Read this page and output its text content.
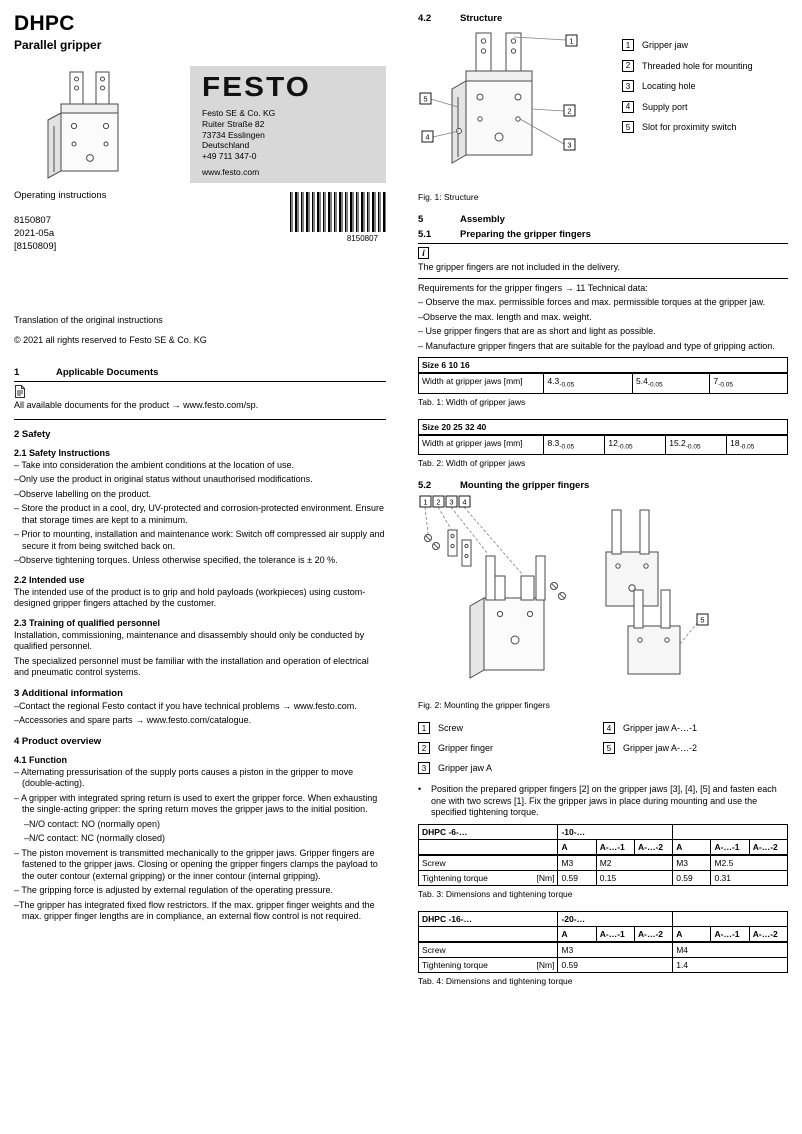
DHPC
Parallel gripper
FESTO
Festo SE & Co. KG
Ruiter Straße 82
73734 Esslingen
Deutschland
+49 711 347-0
www.festo.com
Operating instructions
8150807
2021-05a
[8150809]
8150807
Translation of the original instructions
© 2021 all rights reserved to Festo SE & Co. KG
1	Applicable Documents
All available documents for the product → www.festo.com/sp.
2 Safety
2.1 Safety Instructions
– Take into consideration the ambient conditions at the location of use.
–Only use the product in original status without unauthorised modifications.
–Observe labelling on the product.
– Store the product in a cool, dry, UV-protected and corrosion-protected environment. Ensure that storage times are kept to a minimum.
– Prior to mounting, installation and maintenance work: Switch off compressed air supply and secure it from being switched back on.
–Observe tightening torques. Unless otherwise specified, the tolerance is ± 20 %.
2.2 Intended use
The intended use of the product is to grip and hold payloads (workpieces) using custom-designed gripper fingers attached by the customer.
2.3 Training of qualified personnel
Installation, commissioning, maintenance and disassembly should only be conducted by qualified personnel.
The specialized personnel must be familiar with the installation and operation of electrical and pneumatic control systems.
3 Additional information
–Contact the regional Festo contact if you have technical problems → www.festo.com.
–Accessories and spare parts → www.festo.com/catalogue.
4 Product overview
4.1 Function
– Alternating pressurisation of the supply ports causes a piston in the gripper to move (double-acting).
– A gripper with integrated spring return is used to exert the gripper force. When exhausting the single-acting gripper: the spring return moves the gripper jaws to the initial position.
–N/O contact: NO (normally open)
–N/C contact: NC (normally closed)
– The piston movement is transmitted mechanically to the gripper jaws. Gripper fingers are fastened to the gripper jaws. Closing or opening the gripper fingers clamps the payload to the outer contour (external gripping) or the inner contour (internal gripping).
– The gripping force is adjusted by external regulation of the operating pressure.
–The gripper has integrated fixed flow restrictors. If the max. gripper finger weights and the max. gripper finger lengths are in compliance, an external flow control is not required.
4.2	Structure
1
2
3
4
5
1	Gripper jaw
2	Threaded hole for mounting
3	Locating hole
4	Supply port
5	Slot for proximity switch
Fig. 1: Structure
5	Assembly
5.1	Preparing the gripper fingers
i
The gripper fingers are not included in the delivery.
Requirements for the gripper fingers → 11 Technical data:
– Observe the max. permissible forces and max. permissible torques at the gripper jaw.
–Observe the max. length and max. weight.
– Use gripper fingers that are as short and light as possible.
– Manufacture gripper fingers that are suitable for the payload and type of gripping action.
Size 6 10 16
Width at gripper jaws [mm]	$4.3_{-0.05}$	$5.4_{-0.05}$	$7_{-0.05}$
Tab. 1: Width of gripper jaws
Size 20 25 32 40
Width at gripper jaws [mm]	$8.3_{-0.05}$	$12_{-0.05}$	$15.2_{-0.05}$	$18_{-0.05}$
Tab. 2: Width of gripper jaws
5.2	Mounting the gripper fingers
1 2 3 4
5
Fig. 2: Mounting the gripper fingers
1	Screw	4	Gripper jaw A-…-1
2	Gripper finger	5	Gripper jaw A-…-2
3	Gripper jaw A
•	Position the prepared gripper fingers [2] on the gripper jaws [3], [4], [5] and fasten each one with two screws [1]. Fix the gripper jaws in place during mounting and use the specified tightening torque.
DHPC -6-…	-10-…					
	A	A-…-1	A-…-2	A	A-…-1	A-…-2
Screw	M3	M2		M3	M2.5	

Tightening torque [Nm]	0.59	0.15		0.59	0.31	
Tab. 3: Dimensions and tightening torque
DHPC -16-…	-20-…					
	A	A-…-1	A-…-2	A	A-…-1	A-…-2
Screw	M3			M4		

Tightening torque [Nm]	0.59			1.4		
Tab. 4: Dimensions and tightening torque
